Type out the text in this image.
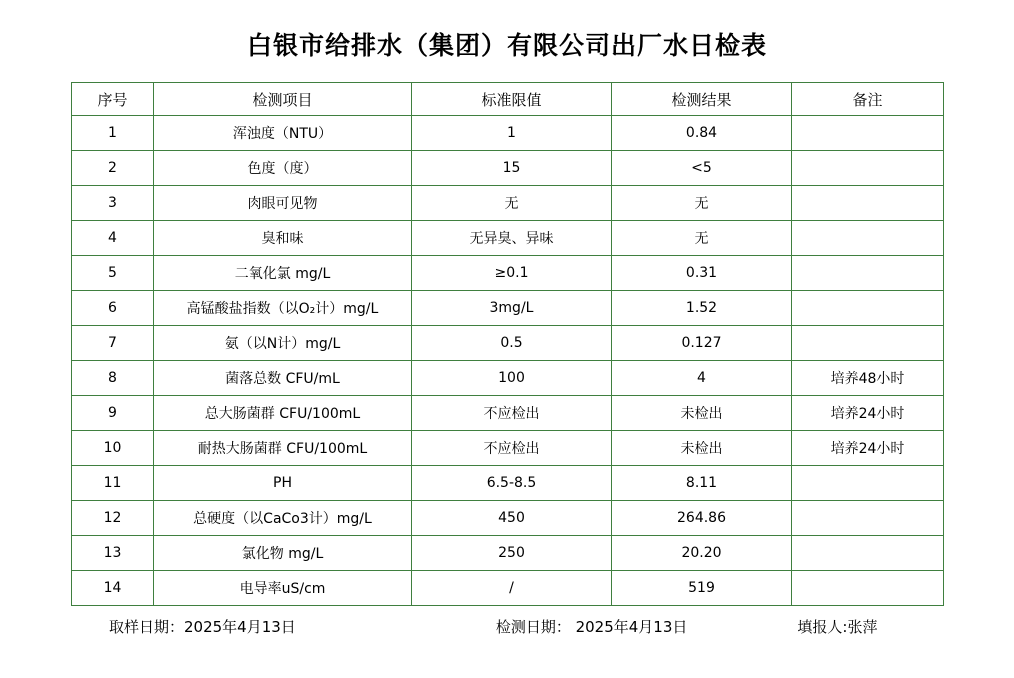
白银市给排水（集团）有限公司出厂水日检表
序号	检测项目	标准限值	检测结果	备注
1	浑浊度（NTU）	1	0.84	
2	色度（度）	15	<5	
3	肉眼可见物	无	无	
4	臭和味	无异臭、异味	无	
5	二氧化氯 mg/L	≥0.1	0.31	
6	高锰酸盐指数（以O₂计）mg/L	3mg/L	1.52	
7	氨（以N计）mg/L	0.5	0.127	
8	菌落总数 CFU/mL	100	4	培养48小时
9	总大肠菌群 CFU/100mL	不应检出	未检出	培养24小时
10	耐热大肠菌群 CFU/100mL	不应检出	未检出	培养24小时
11	PH	6.5-8.5	8.11	
12	总硬度（以CaCo3计）mg/L	450	264.86	
13	氯化物 mg/L	250	20.20	
14	电导率uS/cm	/	519	
取样日期：2025年4月13日	检测日期： 2025年4月13日	填报人:张萍
